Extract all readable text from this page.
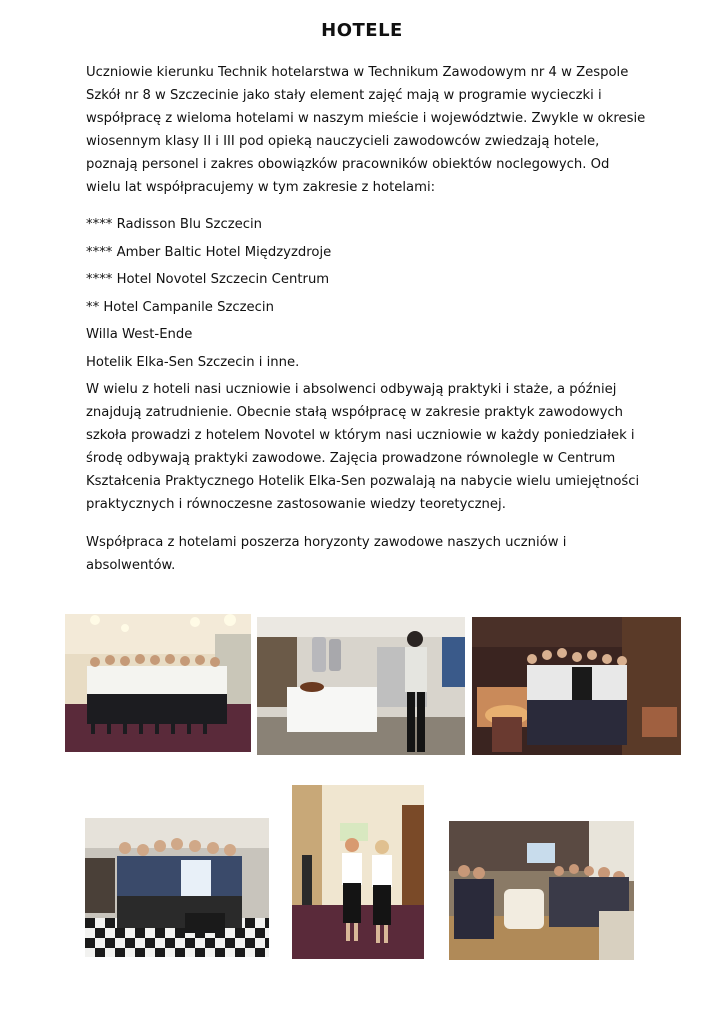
HOTELE

Uczniowie kierunku Technik hotelarstwa w Technikum Zawodowym nr 4 w Zespole Szkół nr 8 w Szczecinie jako stały element zajęć mają w programie wycieczki i współpracę z wieloma hotelami w naszym mieście i województwie. Zwykle w okresie wiosennym klasy II i III pod opieką nauczycieli zawodowców zwiedzają hotele, poznają personel i zakres obowiązków pracowników obiektów noclegowych. Od wielu lat współpracujemy w tym zakresie z hotelami:

**** Radisson Blu Szczecin
**** Amber Baltic Hotel Międzyzdroje
**** Hotel Novotel Szczecin Centrum
** Hotel Campanile Szczecin
Willa West-Ende
Hotelik Elka-Sen Szczecin i inne.

W wielu z hoteli nasi uczniowie i absolwenci odbywają praktyki i staże, a później znajdują zatrudnienie. Obecnie stałą współpracę w zakresie praktyk zawodowych szkoła prowadzi z hotelem Novotel w którym nasi uczniowie w każdy poniedziałek i środę odbywają praktyki zawodowe. Zajęcia prowadzone równolegle w Centrum Kształcenia Praktycznego Hotelik Elka-Sen pozwalają na nabycie wielu umiejętności praktycznych i równoczesne zastosowanie wiedzy teoretycznej.

Współpraca z hotelami poszerza horyzonty zawodowe naszych uczniów i absolwentów.
